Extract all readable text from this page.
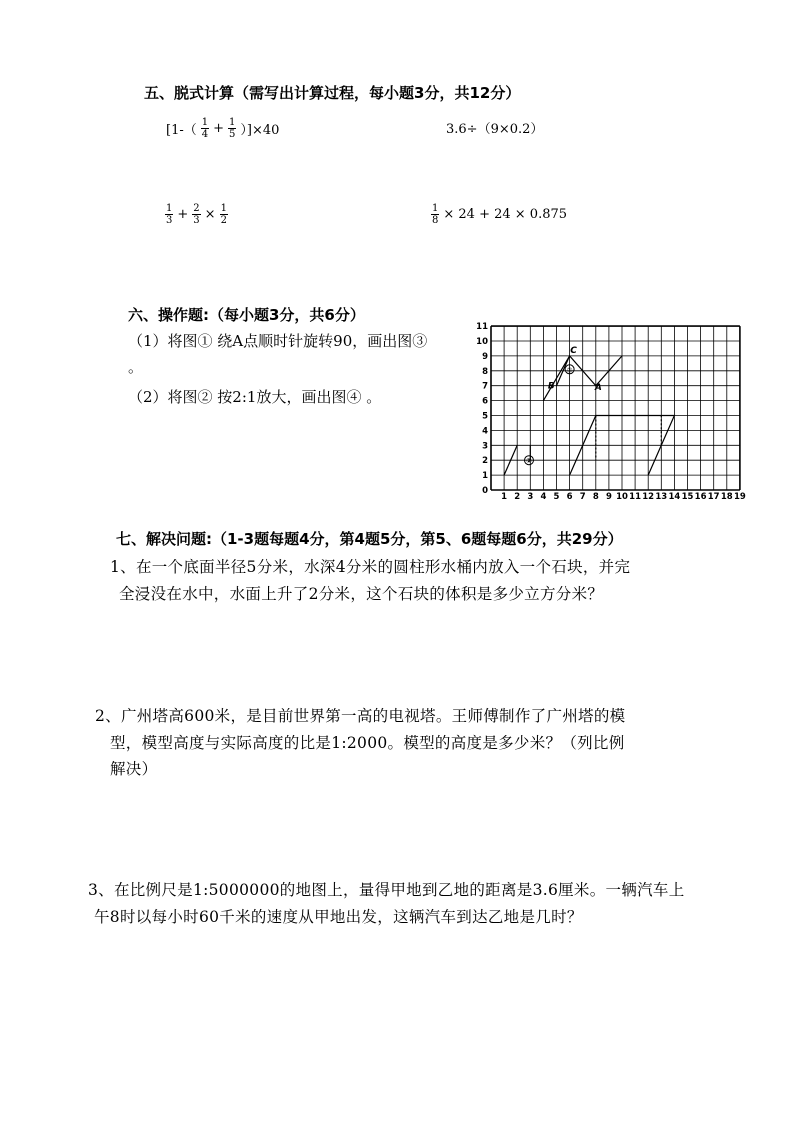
五、脱式计算（需写出计算过程，每小题3分，共12分）
$[1-( \frac{1}{4} + \frac{1}{5} )]\times 40$	3.6÷（9×0.2）
$\frac{1}{3} + \frac{2}{3} \times \frac{1}{2}$	$\frac{1}{8} \times 24 + 24 \times 0.875$
六、操作题:（每小题3分，共6分）
（1）将图① 绕A点顺时针旋转90，画出图③
。
（2）将图② 按2:1放大，画出图④ 。
1 2 3 4 5 6 7 8 9 10 11 12 13 14 15 16 17 18 19
0
1
2
3
4
5
6
7
8
9
10
11
C
B	A
①
②
七、解决问题:（1-3题每题4分，第4题5分，第5、6题每题6分，共29分）
1、在一个底面半径5分米，水深4分米的圆柱形水桶内放入一个石块，并完
全浸没在水中，水面上升了2分米，这个石块的体积是多少立方分米？
2、广州塔高600米，是目前世界第一高的电视塔。王师傅制作了广州塔的模
型，模型高度与实际高度的比是1:2000。模型的高度是多少米？（列比例
解决）
3、在比例尺是1:5000000的地图上，量得甲地到乙地的距离是3.6厘米。一辆汽车上
午8时以每小时60千米的速度从甲地出发，这辆汽车到达乙地是几时？
